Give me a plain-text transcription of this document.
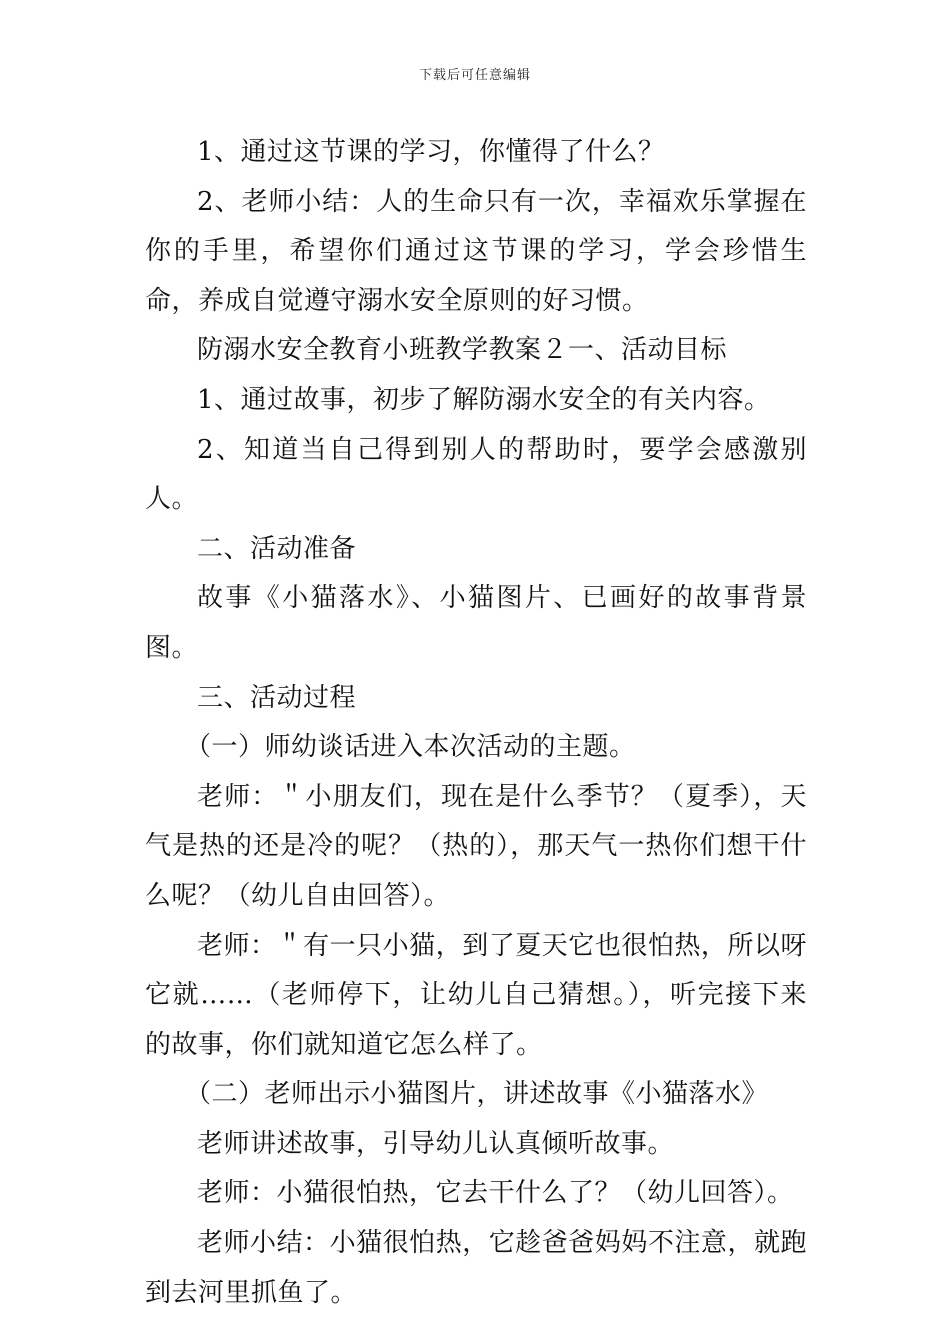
下载后可任意编辑

1、通过这节课的学习，你懂得了什么？

2、老师小结：人的生命只有一次，幸福欢乐掌握在你的手里，希望你们通过这节课的学习，学会珍惜生命，养成自觉遵守溺水安全原则的好习惯。

防溺水安全教育小班教学教案２一、活动目标

1、通过故事，初步了解防溺水安全的有关内容。

2、知道当自己得到别人的帮助时，要学会感激别人。

二、活动准备

故事《小猫落水》、小猫图片、已画好的故事背景图。

三、活动过程

（一）师幼谈话进入本次活动的主题。

老师：＂小朋友们，现在是什么季节？（夏季），天气是热的还是冷的呢？（热的），那天气一热你们想干什么呢？（幼儿自由回答）。

老师：＂有一只小猫，到了夏天它也很怕热，所以呀它就……（老师停下，让幼儿自己猜想。），听完接下来的故事，你们就知道它怎么样了。

（二）老师出示小猫图片，讲述故事《小猫落水》

老师讲述故事，引导幼儿认真倾听故事。

老师：小猫很怕热，它去干什么了？（幼儿回答）。

老师小结：小猫很怕热，它趁爸爸妈妈不注意，就跑到去河里抓鱼了。
